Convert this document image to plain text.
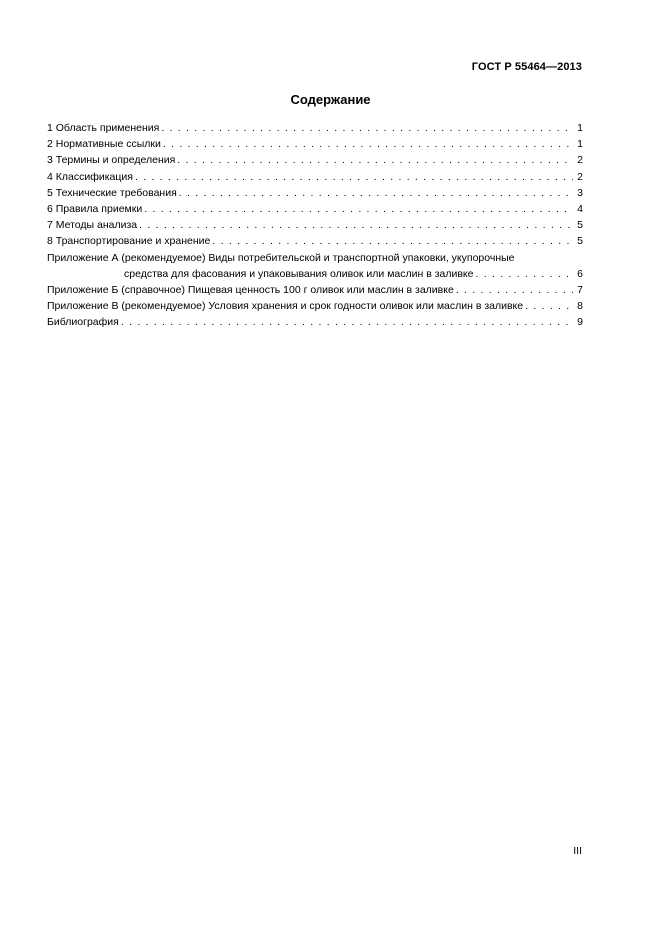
ГОСТ Р 55464—2013
Содержание
1 Область применения . . .	1
2 Нормативные ссылки . . .	1
3 Термины и определения . . .	2
4 Классификация . . .	2
5 Технические требования . . .	3
6 Правила приемки . . .	4
7 Методы анализа . . .	5
8 Транспортирование и хранение . . .	5
Приложение А (рекомендуемое) Виды потребительской и транспортной упаковки, укупорочные
средства для фасования и упаковывания оливок или маслин в заливке . . .	6
Приложение Б (справочное) Пищевая ценность 100 г оливок или маслин в заливке . . .	7
Приложение В (рекомендуемое) Условия хранения и срок годности оливок или маслин в заливке . . .	8
Библиография . . .	9
III
